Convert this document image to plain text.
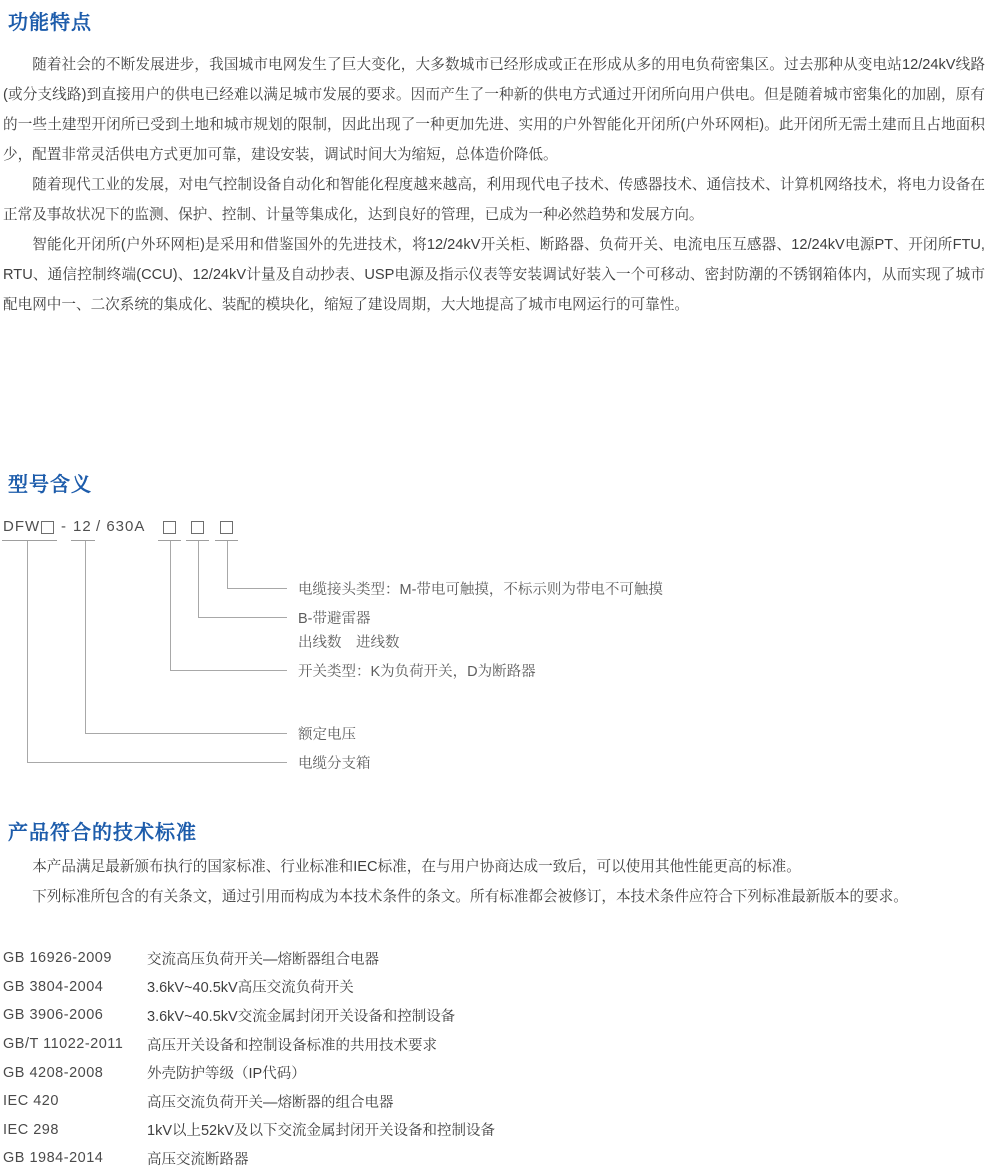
功能特点

随着社会的不断发展进步，我国城市电网发生了巨大变化，大多数城市已经形成或正在形成从多的用电负荷密集区。过去那种从变电站12/24kV线路(或分支线路)到直接用户的供电已经难以满足城市发展的要求。因而产生了一种新的供电方式通过开闭所向用户供电。但是随着城市密集化的加剧，原有的一些土建型开闭所已受到土地和城市规划的限制，因此出现了一种更加先进、实用的户外智能化开闭所(户外环网柜)。此开闭所无需土建而且占地面积少，配置非常灵活供电方式更加可靠，建设安装，调试时间大为缩短，总体造价降低。

随着现代工业的发展，对电气控制设备自动化和智能化程度越来越高，利用现代电子技术、传感器技术、通信技术、计算机网络技术，将电力设备在正常及事故状况下的监测、保护、控制、计量等集成化，达到良好的管理，已成为一种必然趋势和发展方向。

智能化开闭所(户外环网柜)是采用和借鉴国外的先进技术，将12/24kV开关柜、断路器、负荷开关、电流电压互感器、12/24kV电源PT、开闭所FTU, RTU、通信控制终端(CCU)、12/24kV计量及自动抄表、USP电源及指示仪表等安装调试好装入一个可移动、密封防潮的不锈钢箱体内，从而实现了城市配电网中一、二次系统的集成化、装配的模块化，缩短了建设周期，大大地提高了城市电网运行的可靠性。

型号含义
DFW - 12 / 630A
电缆接头类型：M-带电可触摸，不标示则为带电不可触摸
B-带避雷器
出线数　进线数
开关类型：K为负荷开关，D为断路器
额定电压
电缆分支箱
产品符合的技术标准

本产品满足最新颁布执行的国家标准、行业标准和IEC标准，在与用户协商达成一致后，可以使用其他性能更高的标准。

下列标准所包含的有关条文，通过引用而构成为本技术条件的条文。所有标准都会被修订，本技术条件应符合下列标准最新版本的要求。

GB 16926-2009	交流高压负荷开关—熔断器组合电器
GB 3804-2004	3.6kV~40.5kV高压交流负荷开关
GB 3906-2006	3.6kV~40.5kV交流金属封闭开关设备和控制设备
GB/T 11022-2011	高压开关设备和控制设备标准的共用技术要求
GB 4208-2008	外壳防护等级（IP代码）
IEC 420	高压交流负荷开关—熔断器的组合电器
IEC 298	1kV以上52kV及以下交流金属封闭开关设备和控制设备
GB 1984-2014	高压交流断路器
